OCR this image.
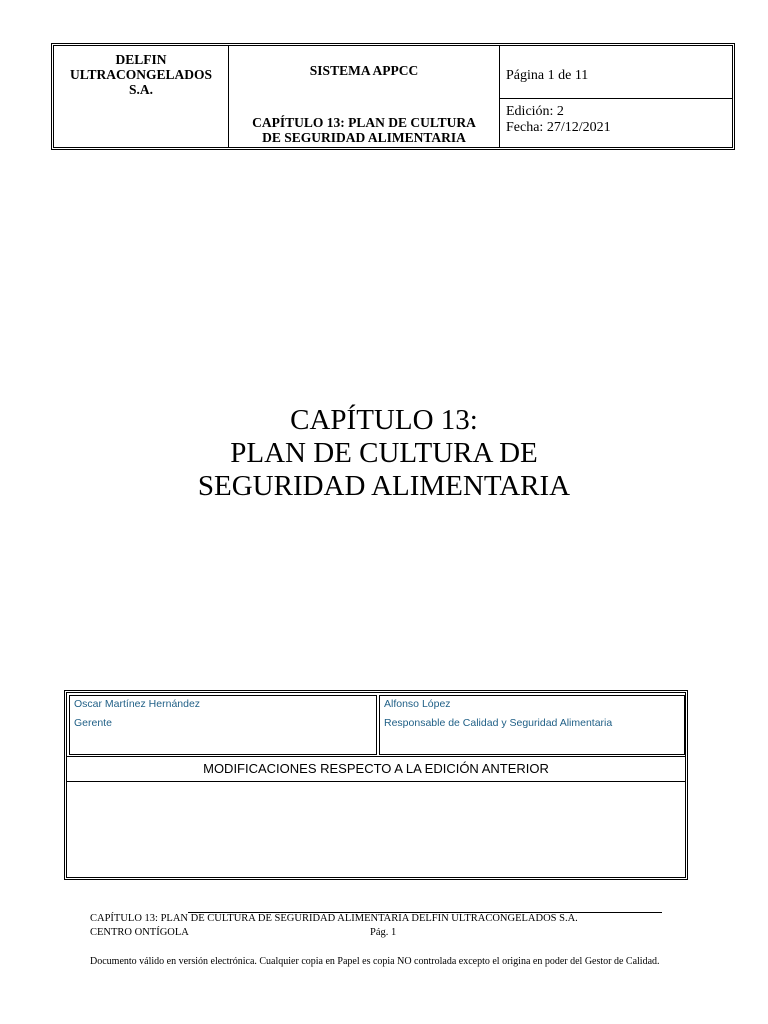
DELFIN
ULTRACONGELADOS
S.A.
SISTEMA APPCC
CAPÍTULO 13: PLAN DE CULTURA
DE SEGURIDAD ALIMENTARIA
Página 1 de 11
Edición: 2
Fecha: 27/12/2021
CAPÍTULO 13:
PLAN DE CULTURA DE
SEGURIDAD ALIMENTARIA
Oscar Martínez Hernández
Gerente
Alfonso López
Responsable de Calidad y Seguridad Alimentaria
MODIFICACIONES RESPECTO A LA EDICIÓN ANTERIOR
CAPÍTULO 13: PLAN DE CULTURA DE SEGURIDAD ALIMENTARIA DELFIN ULTRACONGELADOS S.A.
CENTRO ONTÍGOLA	Pág. 1
Documento válido en versión electrónica. Cualquier copia en Papel es copia NO controlada excepto el origina en poder del Gestor de Calidad.
